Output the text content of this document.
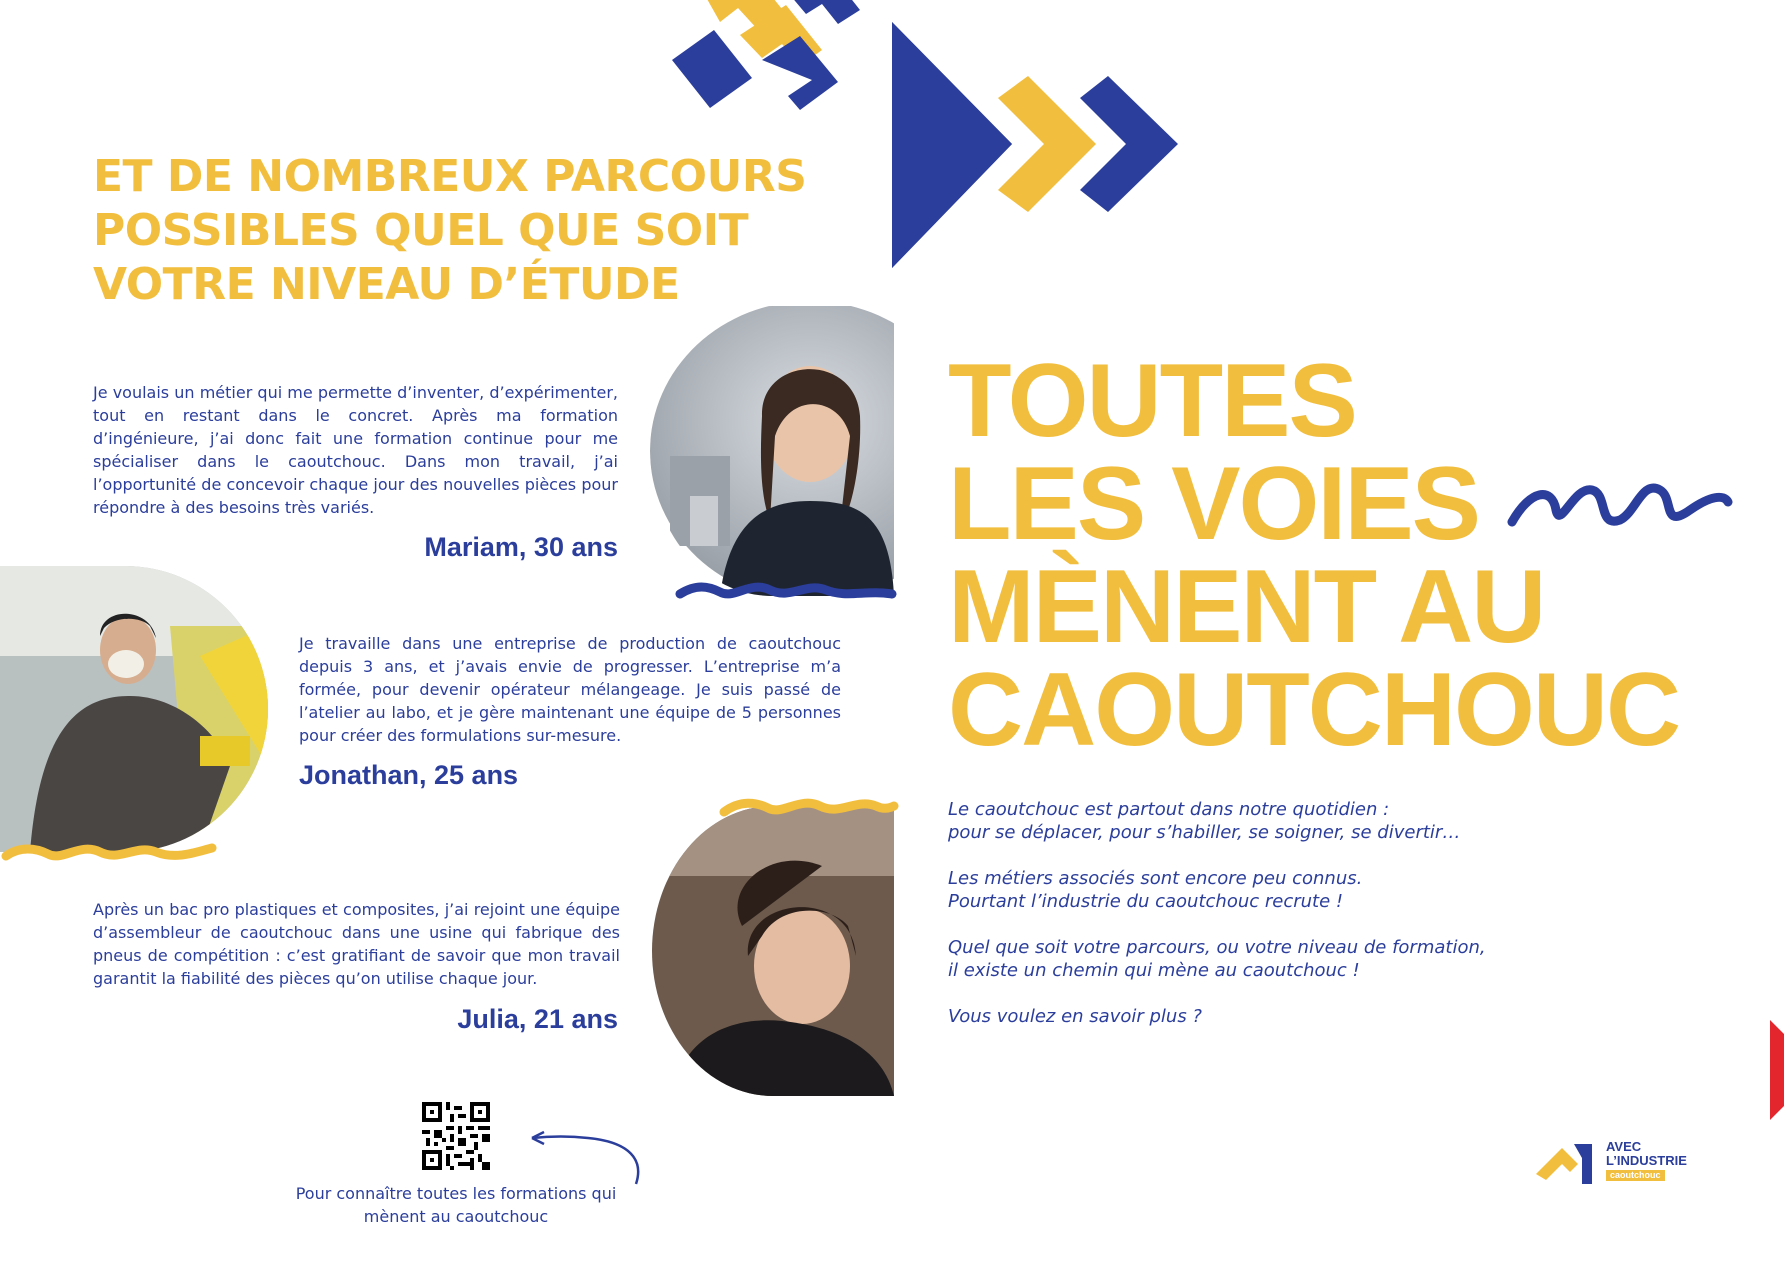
ET DE NOMBREUX PARCOURS POSSIBLES QUEL QUE SOIT VOTRE NIVEAU D’ÉTUDE
Je voulais un métier qui me permette d’inventer, d’expérimenter, tout en restant dans le concret. Après ma formation d’ingénieure, j’ai donc fait une formation continue pour me spécialiser dans le caoutchouc. Dans mon travail, j’ai l’opportunité de concevoir chaque jour des nouvelles pièces pour répondre à des besoins très variés.
Mariam, 30 ans
Je travaille dans une entreprise de production de caoutchouc depuis 3 ans, et j’avais envie de progresser. L’entreprise m’a formée, pour devenir opérateur mélangeage. Je suis passé de l’atelier au labo, et je gère maintenant une équipe de 5 personnes pour créer des formulations sur-mesure.
Jonathan, 25 ans
Après un bac pro plastiques et composites, j’ai rejoint une équipe d’assembleur de caoutchouc dans une usine qui fabrique des pneus de compétition : c’est gratifiant de savoir que mon travail garantit la fiabilité des pièces qu’on utilise chaque jour.
Julia, 21 ans
Pour connaître toutes les formations qui mènent au caoutchouc
TOUTES
LES VOIES
MÈNENT AU
CAOUTCHOUC

Le caoutchouc est partout dans notre quotidien :
pour se déplacer, pour s’habiller, se soigner, se divertir…

Les métiers associés sont encore peu connus.
Pourtant l’industrie du caoutchouc recrute !

Quel que soit votre parcours, ou votre niveau de formation,
il existe un chemin qui mène au caoutchouc !

Vous voulez en savoir plus ?

AVEC
L’INDUSTRIE
caoutchouc
